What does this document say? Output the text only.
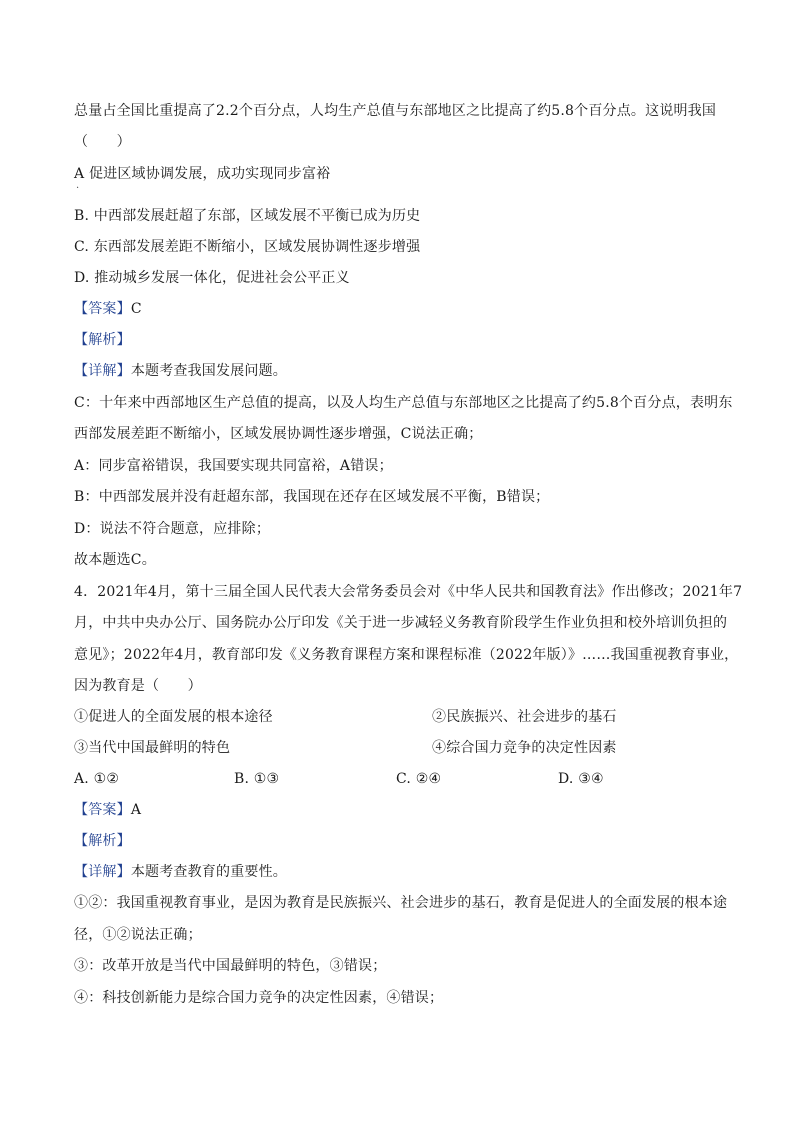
总量占全国比重提高了2.2个百分点，人均生产总值与东部地区之比提高了约5.8个百分点。这说明我国
（　　）
A 促进区域协调发展，成功实现同步富裕
·
B. 中西部发展赶超了东部，区域发展不平衡已成为历史
C. 东西部发展差距不断缩小，区域发展协调性逐步增强
D. 推动城乡发展一体化，促进社会公平正义
【答案】C
【解析】
【详解】本题考查我国发展问题。
C：十年来中西部地区生产总值的提高，以及人均生产总值与东部地区之比提高了约5.8个百分点，表明东
西部发展差距不断缩小，区域发展协调性逐步增强，C说法正确；
A：同步富裕错误，我国要实现共同富裕，A错误；
B：中西部发展并没有赶超东部，我国现在还存在区域发展不平衡，B错误；
D：说法不符合题意，应排除；
故本题选C。
4．2021年4月，第十三届全国人民代表大会常务委员会对《中华人民共和国教育法》作出修改；2021年7
月，中共中央办公厅、国务院办公厅印发《关于进一步减轻义务教育阶段学生作业负担和校外培训负担的
意见》；2022年4月，教育部印发《义务教育课程方案和课程标准（2022年版）》……我国重视教育事业，
因为教育是（　　）
①促进人的全面发展的根本途径	②民族振兴、社会进步的基石
③当代中国最鲜明的特色	④综合国力竞争的决定性因素
A. ①②	B. ①③	C. ②④	D. ③④
【答案】A
【解析】
【详解】本题考查教育的重要性。
①②：我国重视教育事业，是因为教育是民族振兴、社会进步的基石，教育是促进人的全面发展的根本途
径，①②说法正确；
③：改革开放是当代中国最鲜明的特色，③错误；
④：科技创新能力是综合国力竞争的决定性因素，④错误；
